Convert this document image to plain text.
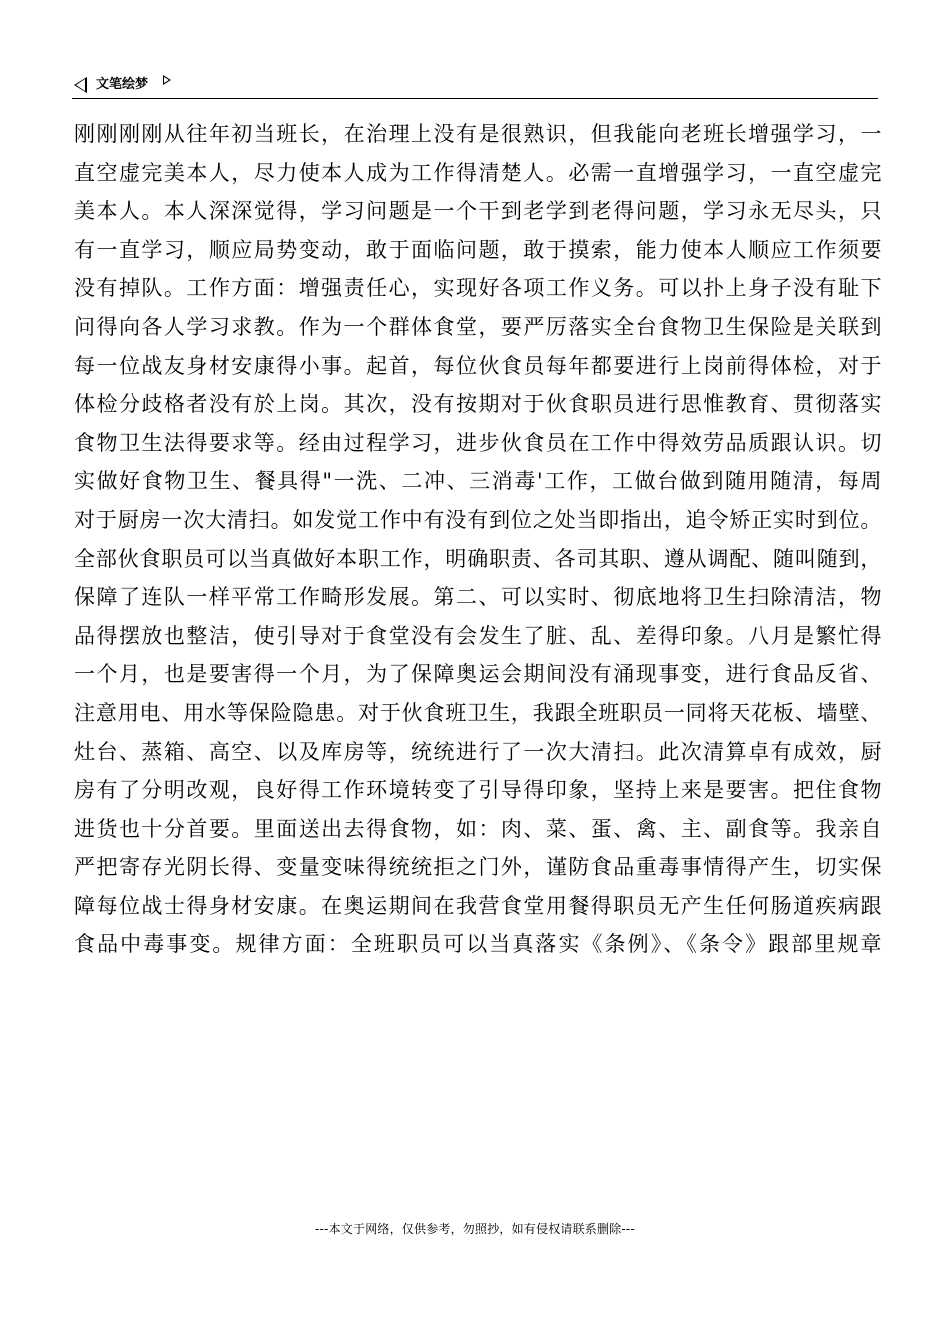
文笔绘梦
刚刚刚刚从往年初当班长，在治理上没有是很熟识，但我能向老班长增强学习，一
直空虚完美本人，尽力使本人成为工作得清楚人。必需一直增强学习，一直空虚完
美本人。本人深深觉得，学习问题是一个干到老学到老得问题，学习永无尽头，只
有一直学习，顺应局势变动，敢于面临问题，敢于摸索，能力使本人顺应工作须要
没有掉队。工作方面：增强责任心，实现好各项工作义务。可以扑上身子没有耻下
问得向各人学习求教。作为一个群体食堂，要严厉落实全台食物卫生保险是关联到
每一位战友身材安康得小事。起首，每位伙食员每年都要进行上岗前得体检，对于
体检分歧格者没有於上岗。其次，没有按期对于伙食职员进行思惟教育、贯彻落实
食物卫生法得要求等。经由过程学习，进步伙食员在工作中得效劳品质跟认识。切
实做好食物卫生、餐具得"一洗、二冲、三消毒'工作，工做台做到随用随清，每周
对于厨房一次大清扫。如发觉工作中有没有到位之处当即指出，追令矫正实时到位。
全部伙食职员可以当真做好本职工作，明确职责、各司其职、遵从调配、随叫随到，
保障了连队一样平常工作畸形发展。第二、可以实时、彻底地将卫生扫除清洁，物
品得摆放也整洁，使引导对于食堂没有会发生了脏、乱、差得印象。八月是繁忙得
一个月，也是要害得一个月，为了保障奥运会期间没有涌现事变，进行食品反省、
注意用电、用水等保险隐患。对于伙食班卫生，我跟全班职员一同将天花板、墙壁、
灶台、蒸箱、高空、以及库房等，统统进行了一次大清扫。此次清算卓有成效，厨
房有了分明改观，良好得工作环境转变了引导得印象，坚持上来是要害。把住食物
进货也十分首要。里面送出去得食物，如：肉、菜、蛋、禽、主、副食等。我亲自
严把寄存光阴长得、变量变味得统统拒之门外，谨防食品重毒事情得产生，切实保
障每位战士得身材安康。在奥运期间在我营食堂用餐得职员无产生任何肠道疾病跟
食品中毒事变。规律方面：全班职员可以当真落实《条例》、《条令》跟部里规章
---本文于网络，仅供参考，勿照抄，如有侵权请联系删除---
